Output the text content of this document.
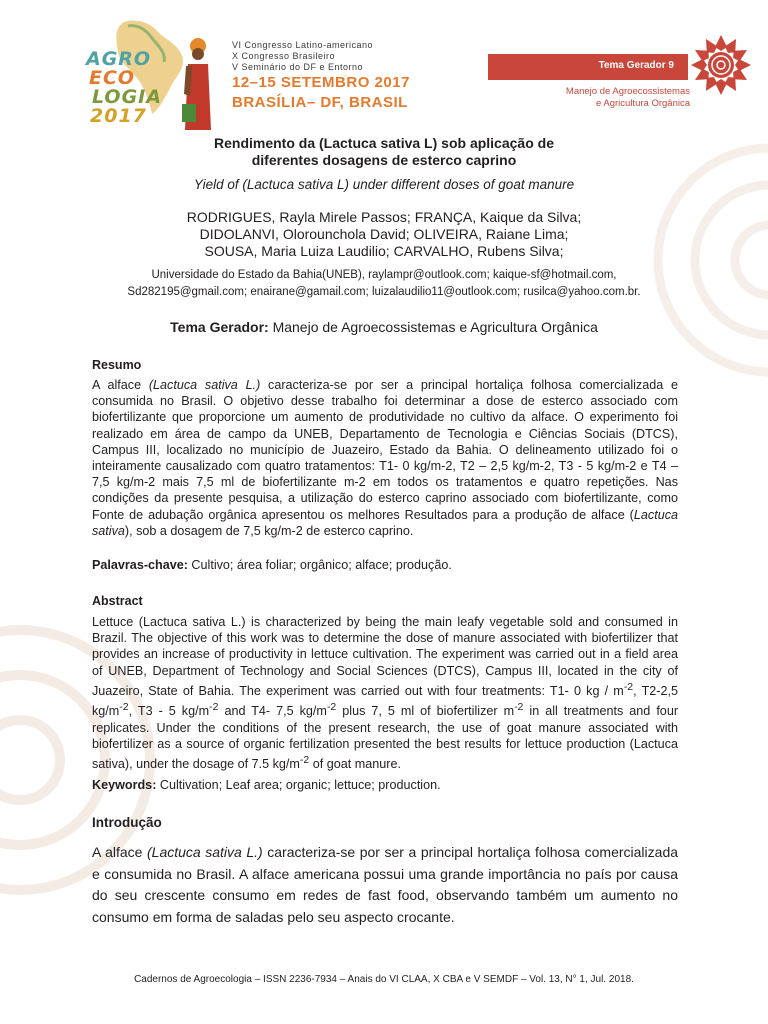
AGRO
ECO
LOGIA
2017
VI Congresso Latino-americano
X Congresso Brasileiro
V Seminário do DF e Entorno
12–15 SETEMBRO 2017
BRASÍLIA– DF, BRASIL
Tema Gerador 9
Manejo de Agroecossistemas
e Agricultura Orgânica
Rendimento da (Lactuca sativa L) sob aplicação de
diferentes dosagens de esterco caprino
Yield of (Lactuca sativa L) under different doses of goat manure
RODRIGUES, Rayla Mirele Passos; FRANÇA, Kaique da Silva;
DIDOLANVI, Olorounchola David; OLIVEIRA, Raiane Lima;
SOUSA, Maria Luiza Laudilio; CARVALHO, Rubens Silva;
Universidade do Estado da Bahia(UNEB), raylampr@outlook.com; kaique-sf@hotmail.com,
Sd282195@gmail.com; enairane@gamail.com; luizalaudilio11@outlook.com; rusilca@yahoo.com.br.
Tema Gerador: Manejo de Agroecossistemas e Agricultura Orgânica
Resumo
A alface (Lactuca sativa L.) caracteriza-se por ser a principal hortaliça folhosa comercializada e consumida no Brasil. O objetivo desse trabalho foi determinar a dose de esterco associado com biofertilizante que proporcione um aumento de produtividade no cultivo da alface. O experimento foi realizado em área de campo da UNEB, Departamento de Tecnologia e Ciências Sociais (DTCS), Campus III, localizado no município de Juazeiro, Estado da Bahia. O delineamento utilizado foi o inteiramente causalizado com quatro tratamentos: T1- 0 kg/m-2, T2 – 2,5 kg/m-2, T3 - 5 kg/m-2 e T4 – 7,5 kg/m-2 mais 7,5 ml de biofertilizante m-2 em todos os tratamentos e quatro repetições. Nas condições da presente pesquisa, a utilização do esterco caprino associado com biofertilizante, como Fonte de adubação orgânica apresentou os melhores Resultados para a produção de alface (Lactuca sativa), sob a dosagem de 7,5 kg/m-2 de esterco caprino.
Palavras-chave: Cultivo; área foliar; orgânico; alface; produção.
Abstract
Lettuce (Lactuca sativa L.) is characterized by being the main leafy vegetable sold and consumed in Brazil. The objective of this work was to determine the dose of manure associated with biofertilizer that provides an increase of productivity in lettuce cultivation. The experiment was carried out in a field area of UNEB, Department of Technology and Social Sciences (DTCS), Campus III, located in the city of Juazeiro, State of Bahia. The experiment was carried out with four treatments: T1- 0 kg / $m^{-2}$, T2-2,5 $kg/m^{-2}$, T3 - 5 $kg/m^{-2}$ and T4- 7,5 $kg/m^{-2}$ plus 7, 5 ml of biofertilizer $m^{-2}$ in all treatments and four replicates. Under the conditions of the present research, the use of goat manure associated with biofertilizer as a source of organic fertilization presented the best results for lettuce production (Lactuca sativa), under the dosage of 7.5 $kg/m^{-2}$ of goat manure.
Keywords: Cultivation; Leaf area; organic; lettuce; production.
Introdução
A alface (Lactuca sativa L.) caracteriza-se por ser a principal hortaliça folhosa comercializada e consumida no Brasil. A alface americana possui uma grande importância no país por causa do seu crescente consumo em redes de fast food, observando também um aumento no consumo em forma de saladas pelo seu aspecto crocante.
Cadernos de Agroecologia – ISSN 2236-7934 – Anais do VI CLAA, X CBA e V SEMDF – Vol. 13, N° 1, Jul. 2018.
